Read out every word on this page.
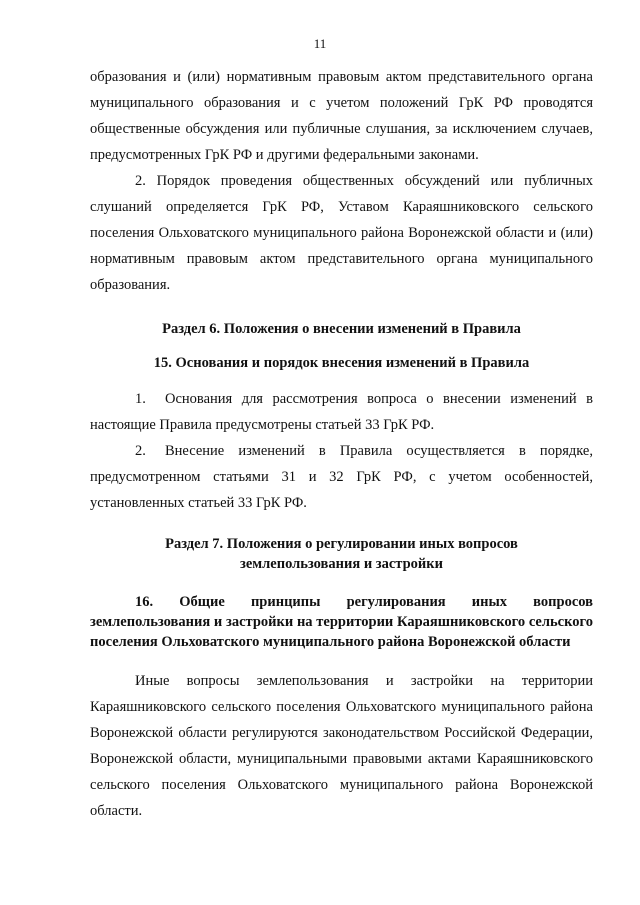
11

образования и (или) нормативным правовым актом представительного органа муниципального образования и с учетом положений ГрК РФ проводятся общественные обсуждения или публичные слушания, за исключением случаев, предусмотренных ГрК РФ и другими федеральными законами.

2. Порядок проведения общественных обсуждений или публичных слушаний определяется ГрК РФ, Уставом Караяшниковского сельского поселения Ольховатского муниципального района Воронежской области и (или) нормативным правовым актом представительного органа муниципального образования.

Раздел 6. Положения о внесении изменений в Правила
15. Основания и порядок внесения изменений в Правила

1. Основания для рассмотрения вопроса о внесении изменений в настоящие Правила предусмотрены статьей 33 ГрК РФ.

2. Внесение изменений в Правила осуществляется в порядке, предусмотренном статьями 31 и 32 ГрК РФ, с учетом особенностей, установленных статьей 33 ГрК РФ.

Раздел 7. Положения о регулировании иных вопросов
землепользования и застройки

16. Общие принципы регулирования иных вопросов землепользования и застройки на территории Караяшниковского сельского поселения Ольховатского муниципального района Воронежской области

Иные вопросы землепользования и застройки на территории Караяшниковского сельского поселения Ольховатского муниципального района Воронежской области регулируются законодательством Российской Федерации, Воронежской области, муниципальными правовыми актами Караяшниковского сельского поселения Ольховатского муниципального района Воронежской области.
